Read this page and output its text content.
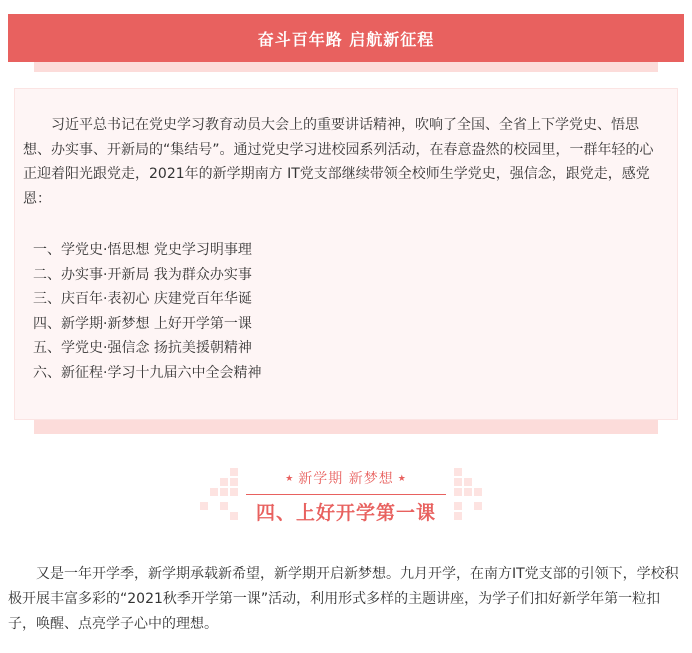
奋斗百年路 启航新征程

习近平总书记在党史学习教育动员大会上的重要讲话精神，吹响了全国、全省上下学党史、悟思想、办实事、开新局的“集结号”。通过党史学习进校园系列活动，在春意盎然的校园里，一群年轻的心正迎着阳光跟党走，2021年的新学期南方 IT党支部继续带领全校师生学党史，强信念，跟党走，感党恩：

一、学党史·悟思想 党史学习明事理
二、办实事·开新局 我为群众办实事
三、庆百年·表初心 庆建党百年华诞
四、新学期·新梦想 上好开学第一课
五、学党史·强信念 扬抗美援朝精神
六、新征程·学习十九届六中全会精神
★ 新学期 新梦想 ★
四、上好开学第一课

又是一年开学季，新学期承载新希望，新学期开启新梦想。九月开学，在南方IT党支部的引领下，学校积极开展丰富多彩的“2021秋季开学第一课”活动，利用形式多样的主题讲座，为学子们扣好新学年第一粒扣子，唤醒、点亮学子心中的理想。
